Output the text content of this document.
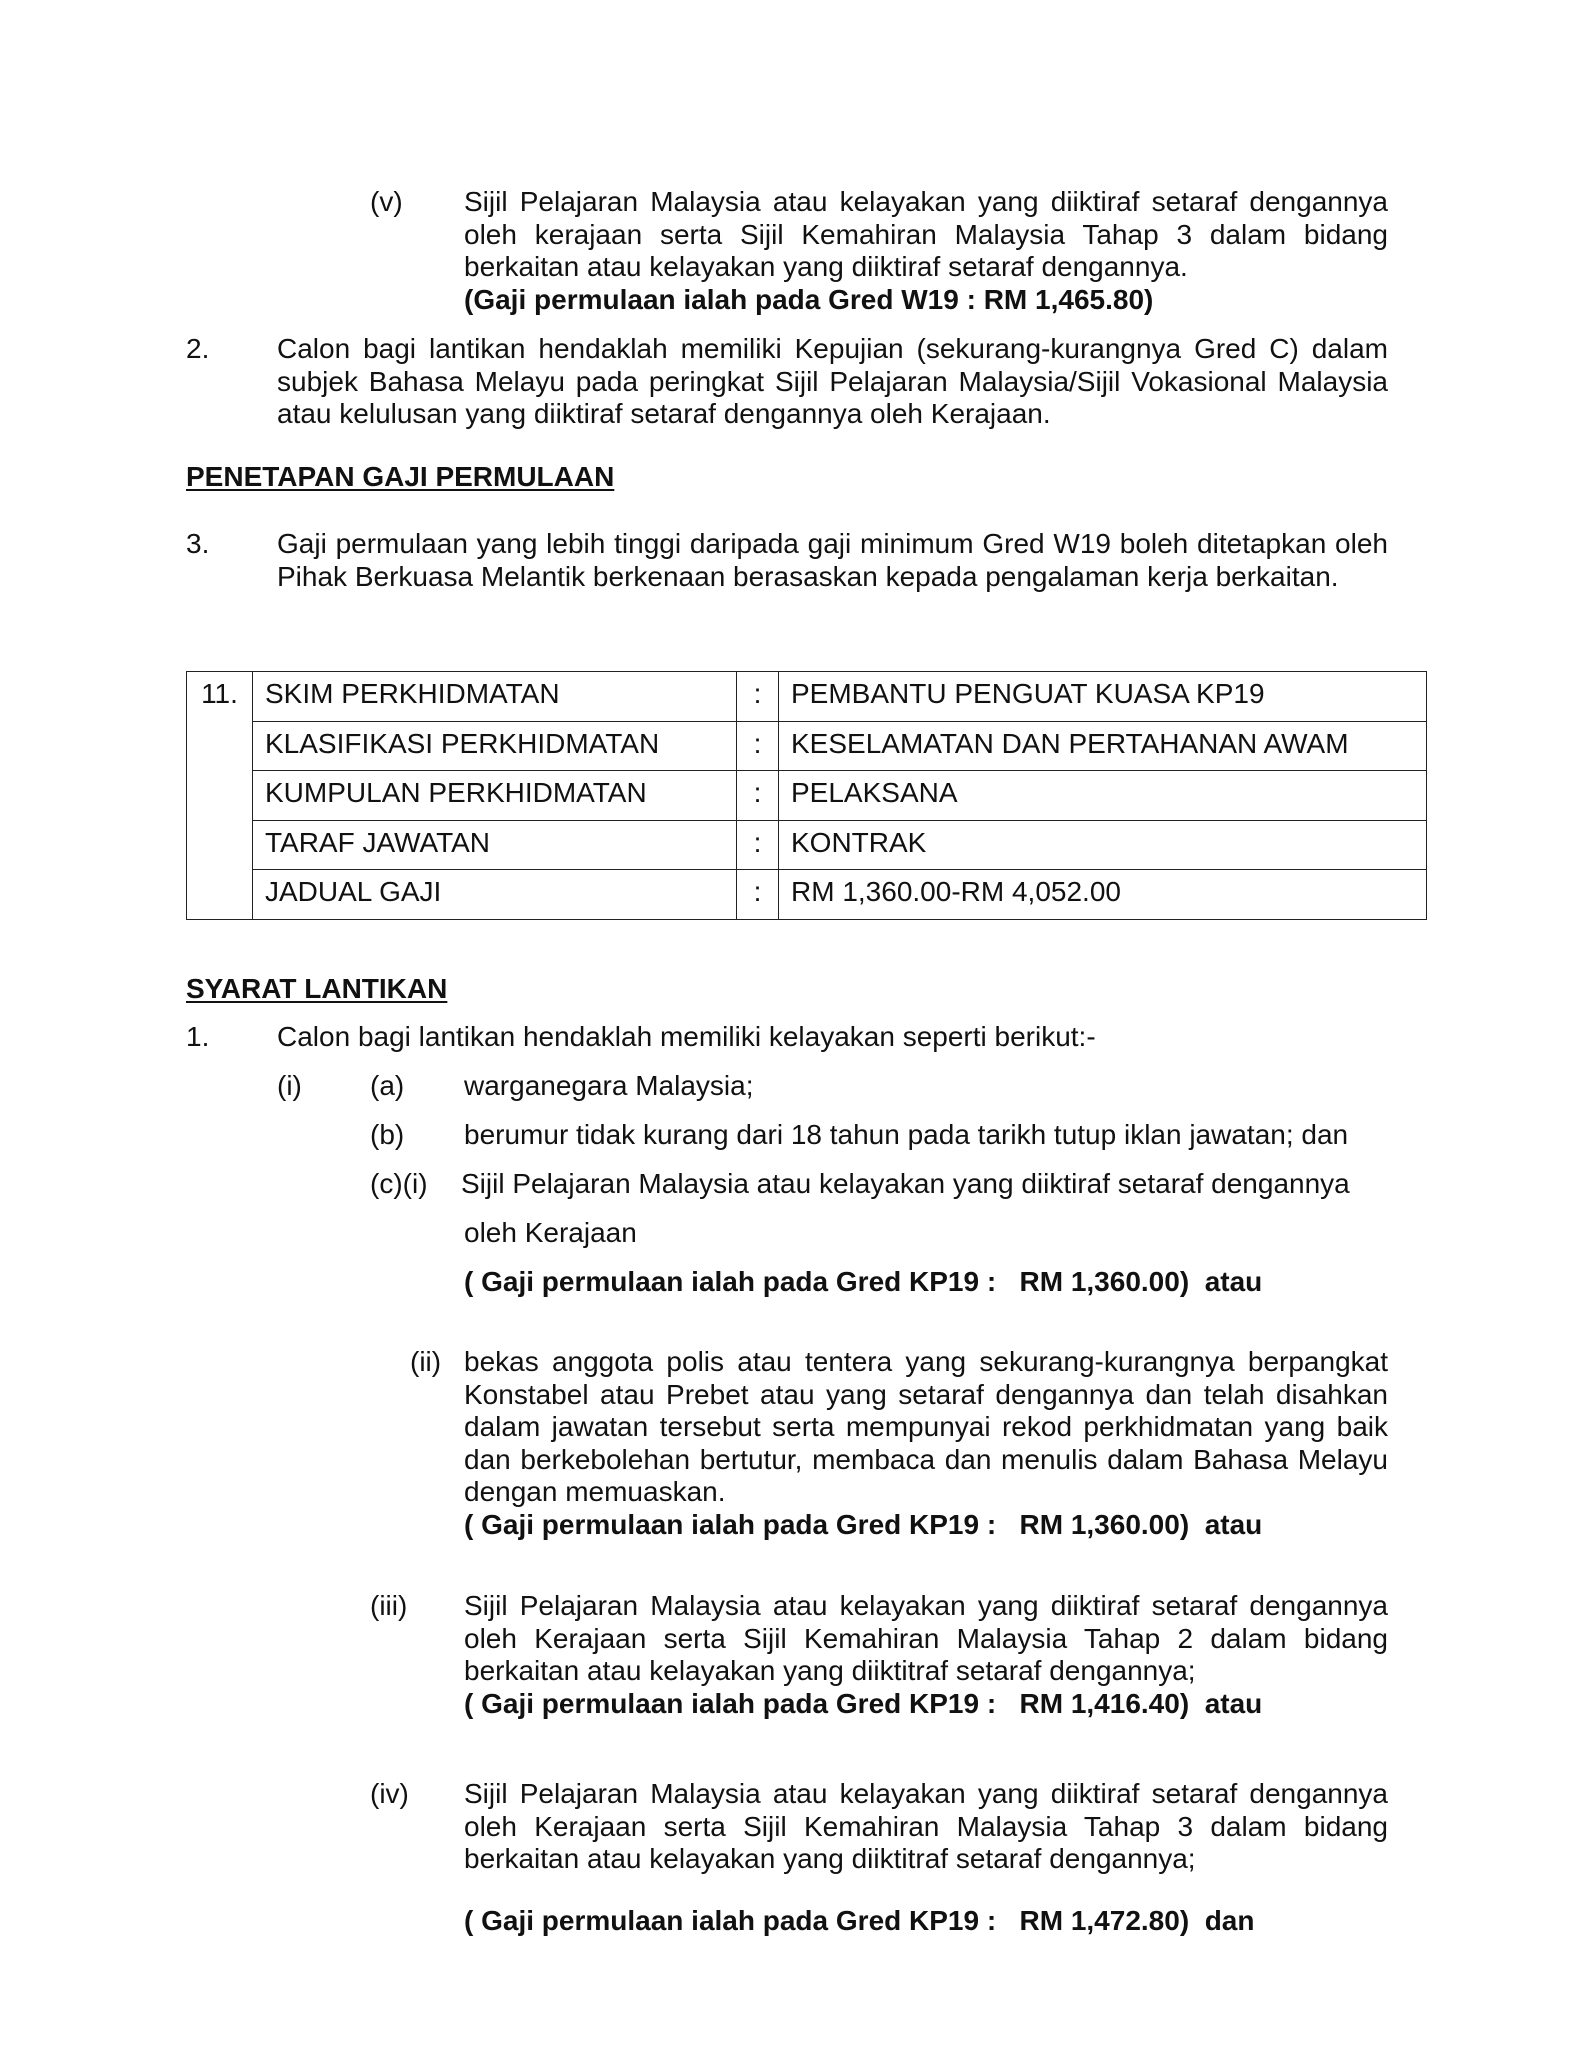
(v) Sijil Pelajaran Malaysia atau kelayakan yang diiktiraf setaraf dengannya oleh kerajaan serta Sijil Kemahiran Malaysia Tahap 3 dalam bidang berkaitan atau kelayakan yang diiktiraf setaraf dengannya.
(Gaji permulaan ialah pada Gred W19 : RM 1,465.80)
2. Calon bagi lantikan hendaklah memiliki Kepujian (sekurang-kurangnya Gred C) dalam subjek Bahasa Melayu pada peringkat Sijil Pelajaran Malaysia/Sijil Vokasional Malaysia atau kelulusan yang diiktiraf setaraf dengannya oleh Kerajaan.
PENETAPAN GAJI PERMULAAN
3. Gaji permulaan yang lebih tinggi daripada gaji minimum Gred W19 boleh ditetapkan oleh Pihak Berkuasa Melantik berkenaan berasaskan kepada pengalaman kerja berkaitan.
11.	SKIM PERKHIDMATAN	:	PEMBANTU PENGUAT KUASA KP19
	KLASIFIKASI PERKHIDMATAN	:	KESELAMATAN DAN PERTAHANAN AWAM
	KUMPULAN PERKHIDMATAN	:	PELAKSANA
	TARAF JAWATAN	:	KONTRAK
	JADUAL GAJI	:	RM 1,360.00-RM 4,052.00
SYARAT LANTIKAN
1. Calon bagi lantikan hendaklah memiliki kelayakan seperti berikut:-
(i) (a) warganegara Malaysia;
(b) berumur tidak kurang dari 18 tahun pada tarikh tutup iklan jawatan; dan
(c)(i) Sijil Pelajaran Malaysia atau kelayakan yang diiktiraf setaraf dengannya
oleh Kerajaan
( Gaji permulaan ialah pada Gred KP19 :   RM 1,360.00)  atau
(ii) bekas anggota polis atau tentera yang sekurang-kurangnya berpangkat Konstabel atau Prebet atau yang setaraf dengannya dan telah disahkan dalam jawatan tersebut serta mempunyai rekod perkhidmatan yang baik dan berkebolehan bertutur, membaca dan menulis dalam Bahasa Melayu dengan memuaskan.
( Gaji permulaan ialah pada Gred KP19 :   RM 1,360.00)  atau
(iii) Sijil Pelajaran Malaysia atau kelayakan yang diiktiraf setaraf dengannya oleh Kerajaan serta Sijil Kemahiran Malaysia Tahap 2 dalam bidang berkaitan atau kelayakan yang diiktitraf setaraf dengannya;
( Gaji permulaan ialah pada Gred KP19 :   RM 1,416.40)  atau
(iv) Sijil Pelajaran Malaysia atau kelayakan yang diiktiraf setaraf dengannya oleh Kerajaan serta Sijil Kemahiran Malaysia Tahap 3 dalam bidang berkaitan atau kelayakan yang diiktitraf setaraf dengannya;
( Gaji permulaan ialah pada Gred KP19 :   RM 1,472.80)  dan
